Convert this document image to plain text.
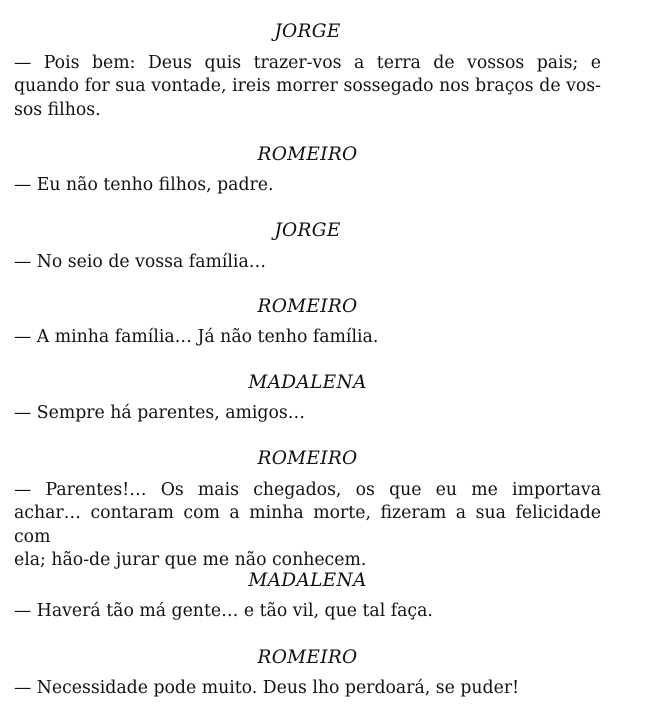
JORGE
— Pois bem: Deus quis trazer-vos a terra de vossos pais; e
quando for sua vontade, ireis morrer sossegado nos braços de vos-
sos filhos.
ROMEIRO
— Eu não tenho filhos, padre.
JORGE
— No seio de vossa família…
ROMEIRO
— A minha família… Já não tenho família.
MADALENA
— Sempre há parentes, amigos…
ROMEIRO
— Parentes!… Os mais chegados, os que eu me importava
achar… contaram com a minha morte, fizeram a sua felicidade com
ela; hão-de jurar que me não conhecem.
MADALENA
— Haverá tão má gente… e tão vil, que tal faça.
ROMEIRO
— Necessidade pode muito. Deus lho perdoará, se puder!
